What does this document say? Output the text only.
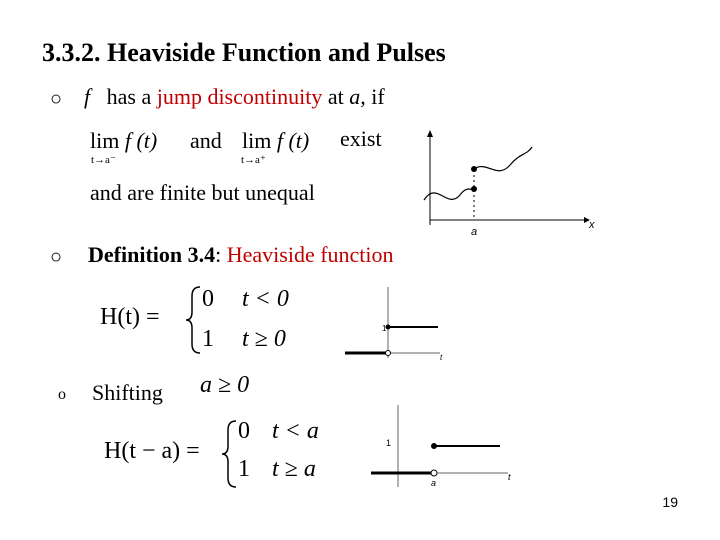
3.3.2. Heaviside Function and Pulses
○ f has a jump discontinuity at a, if
lim f (t)
t→a⁻
and lim f (t)
t→a⁺
exist
and are finite but unequal
a
x
○ Definition 3.4: Heaviside function
H(t) =
0 t < 0
1 t ≥ 0	1
t
o Shifting a ≥ 0
H(t − a) =
0 t < a
1 t ≥ a
1
a
t
19
